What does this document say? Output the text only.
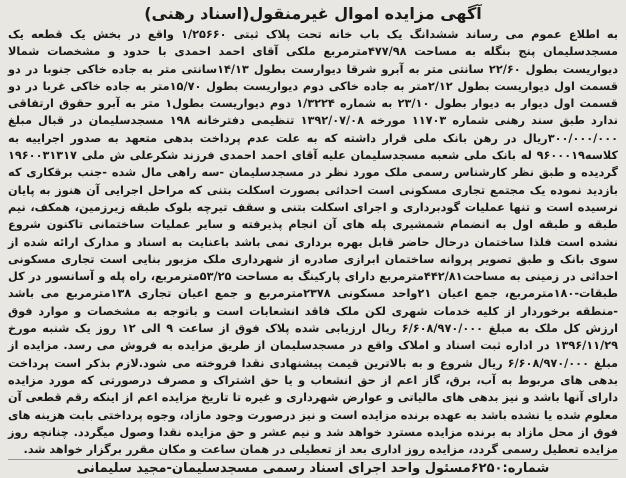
آگهی مزایده اموال غیرمنقول(اسناد رهنی)
به اطلاع عموم می رساند ششدانگ یک باب خانه تحت پلاک ثبتی ۱/۲۵۶۶۰ واقع در بخش یک قطعه یک مسجدسلیمان پنج بنگله به مساحت ۴۷۷/۹۸مترمربع ملکی آقای احمد احمدی با حدود و مشخصات شمالا دیواریست بطول ۲۲/۶۰ سانتی متر به آبرو شرقا دیوارست بطول ۱۴/۱۳سانتی متر به جاده خاکی جنوبا در دو قسمت اول دیواریست بطول ۲/۱۲متر به جاده خاکی دوم دیواریست بطول ۱۵/۷۰متر به جاده خاکی غربا در دو قسمت اول دیوار به دیوار بطول ۲۳/۱۰ به شماره ۱/۳۲۲۴ دوم دیواریست بطول۱ متر به آبرو حقوق ارتفاقی ندارد طبق سند رهنی شماره ۱۱۷۰۳ مورخه ۱۳۹۲/۰۷/۰۸ تنظیمی دفترخانه ۱۹۸ مسجدسلیمان در قبال مبلغ ۳۰۰/۰۰۰/۰۰۰ریال در رهن بانک ملی قرار داشته که به علت عدم پرداخت بدهی متعهد به صدور اجراییه به کلاسه۹۶۰۰۰۱۹ له بانک ملی شعبه مسجدسلیمان علیه آقای احمد احمدی فرزند شکرعلی ش ملی ۱۹۶۰۰۳۱۳۱۷ گردیده و طبق نظر کارشناس رسمی ملک مورد نظر در مسجدسلیمان -سه راهی مال شده -جنب برقکاری که بازدید نموده یک مجتمع تجاری مسکونی است احداثی بصورت اسکلت بتنی که مراحل اجرایی آن هنوز به پایان نرسیده است و تنها عملیات گودبرداری و اجرای اسکلت بتنی و سقف تیرچه بلوک طبقه زیرزمین، همکف، نیم طبقه و طبقه اول به انضمام شمشیری پله های آن انجام پذیرفته و سایر عملیات ساختمانی تاکنون شروع نشده است فلذا ساختمان درحال حاضر قابل بهره برداری نمی باشد باعنایت به اسناد و مدارک ارائه شده از سوی بانک و طبق تصویر پروانه ساختمان ابرازی صادره از شهرداری ملک مزبور بنایی است تجاری مسکونی احداثی در زمینی به مساحت۴۴۲/۸۱مترمربع دارای پارکینگ به مساحت ۵۳/۲۵مترمربع، راه پله و آسانسور در کل طبقات-۱۸۰مترمربع، جمع اعیان ۲۱واحد مسکونی ۲۳۷۸مترمربع و جمع اعیان تجاری ۱۳۸مترمربع می باشد -منطقه برخوردار از کلیه خدمات شهری لکن ملک فاقد انشعابات است و باتوجه به مشخصات و موارد فوق ارزش کل ملک به مبلغ ۶/۶۰۸/۹۷۰/۰۰۰ ریال ارزیابی شده پلاک فوق از ساعت ۹ الی ۱۲ روز یک شنبه مورخ ۱۳۹۶/۱۱/۲۹ در اداره ثبت اسناد و املاک واقع در مسجدسلیمان از طریق مزایده به فروش می رسد. مزایده از مبلغ ۶/۶۰۸/۹۷۰/۰۰۰ ریال شروع و به بالاترین قیمت پیشنهادی نقدا فروخته می شود.لازم بذکر است پرداخت بدهی های مربوط به آب، برق، گاز اعم از حق انشعاب و یا حق اشتراک و مصرف درصورتی که مورد مزایده دارای آنها باشد و نیز بدهی های مالیاتی و عوارض شهرداری و غیره تا تاریخ مزایده اعم از اینکه رقم قطعی آن معلوم شده یا نشده باشد به عهده برنده مزایده است و نیز درصورت وجود مازاد، وجوه پرداختی بابت هزینه های فوق از محل مازاد به برنده مزایده مسترد خواهد شد و نیم عشر و حق مزایده نقدا وصول میگردد. چنانچه روز مزایده تعطیل رسمی گردد، مزایده روز اداری بعد از تعطیلی در همان ساعت و مکان مقرر برگزار خواهد شد.
شماره:۶۲۵۰مسئول واحد اجرای اسناد رسمی مسجدسلیمان-مجید سلیمانی
